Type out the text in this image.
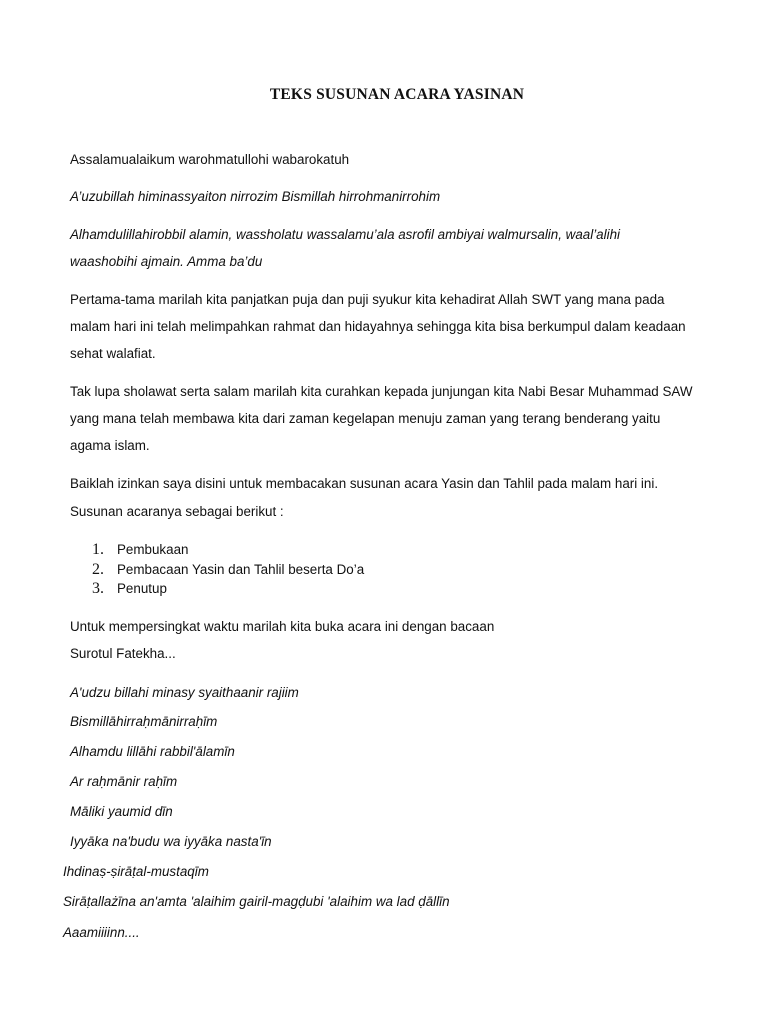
TEKS SUSUNAN ACARA YASINAN

Assalamualaikum warohmatullohi wabarokatuh

A’uzubillah himinassyaiton nirrozim Bismillah hirrohmanirrohim

Alhamdulillahirobbil alamin, wassholatu wassalamu’ala asrofil ambiyai walmursalin, waal’alihi

waashobihi ajmain. Amma ba’du

Pertama-tama marilah kita panjatkan puja dan puji syukur kita kehadirat Allah SWT yang mana pada

malam hari ini telah melimpahkan rahmat dan hidayahnya sehingga kita bisa berkumpul dalam keadaan

sehat walafiat.

Tak lupa sholawat serta salam marilah kita curahkan kepada junjungan kita Nabi Besar Muhammad SAW

yang mana telah membawa kita dari zaman kegelapan menuju zaman yang terang benderang yaitu

agama islam.

Baiklah izinkan saya disini untuk membacakan susunan acara Yasin dan Tahlil pada malam hari ini.

Susunan acaranya sebagai berikut :

1. Pembukaan
2. Pembacaan Yasin dan Tahlil beserta Do’a
3. Penutup

Untuk mempersingkat waktu marilah kita buka acara ini dengan bacaan

Surotul Fatekha...

A'udzu billahi minasy syaithaanir rajiim

Bismillāhirraḥmānirraḥīm

Alhamdu lillāhi rabbil'ālamīn

Ar raḥmānir raḥīm

Māliki yaumid dīn

Iyyāka na'budu wa iyyāka nasta'īn

Ihdinaṣ-ṣirāṭal-mustaqīm

Sirāṭallażīna an'amta 'alaihim gairil-magḍubi 'alaihim wa lad ḍāllīn

Aaamiiiinn....
